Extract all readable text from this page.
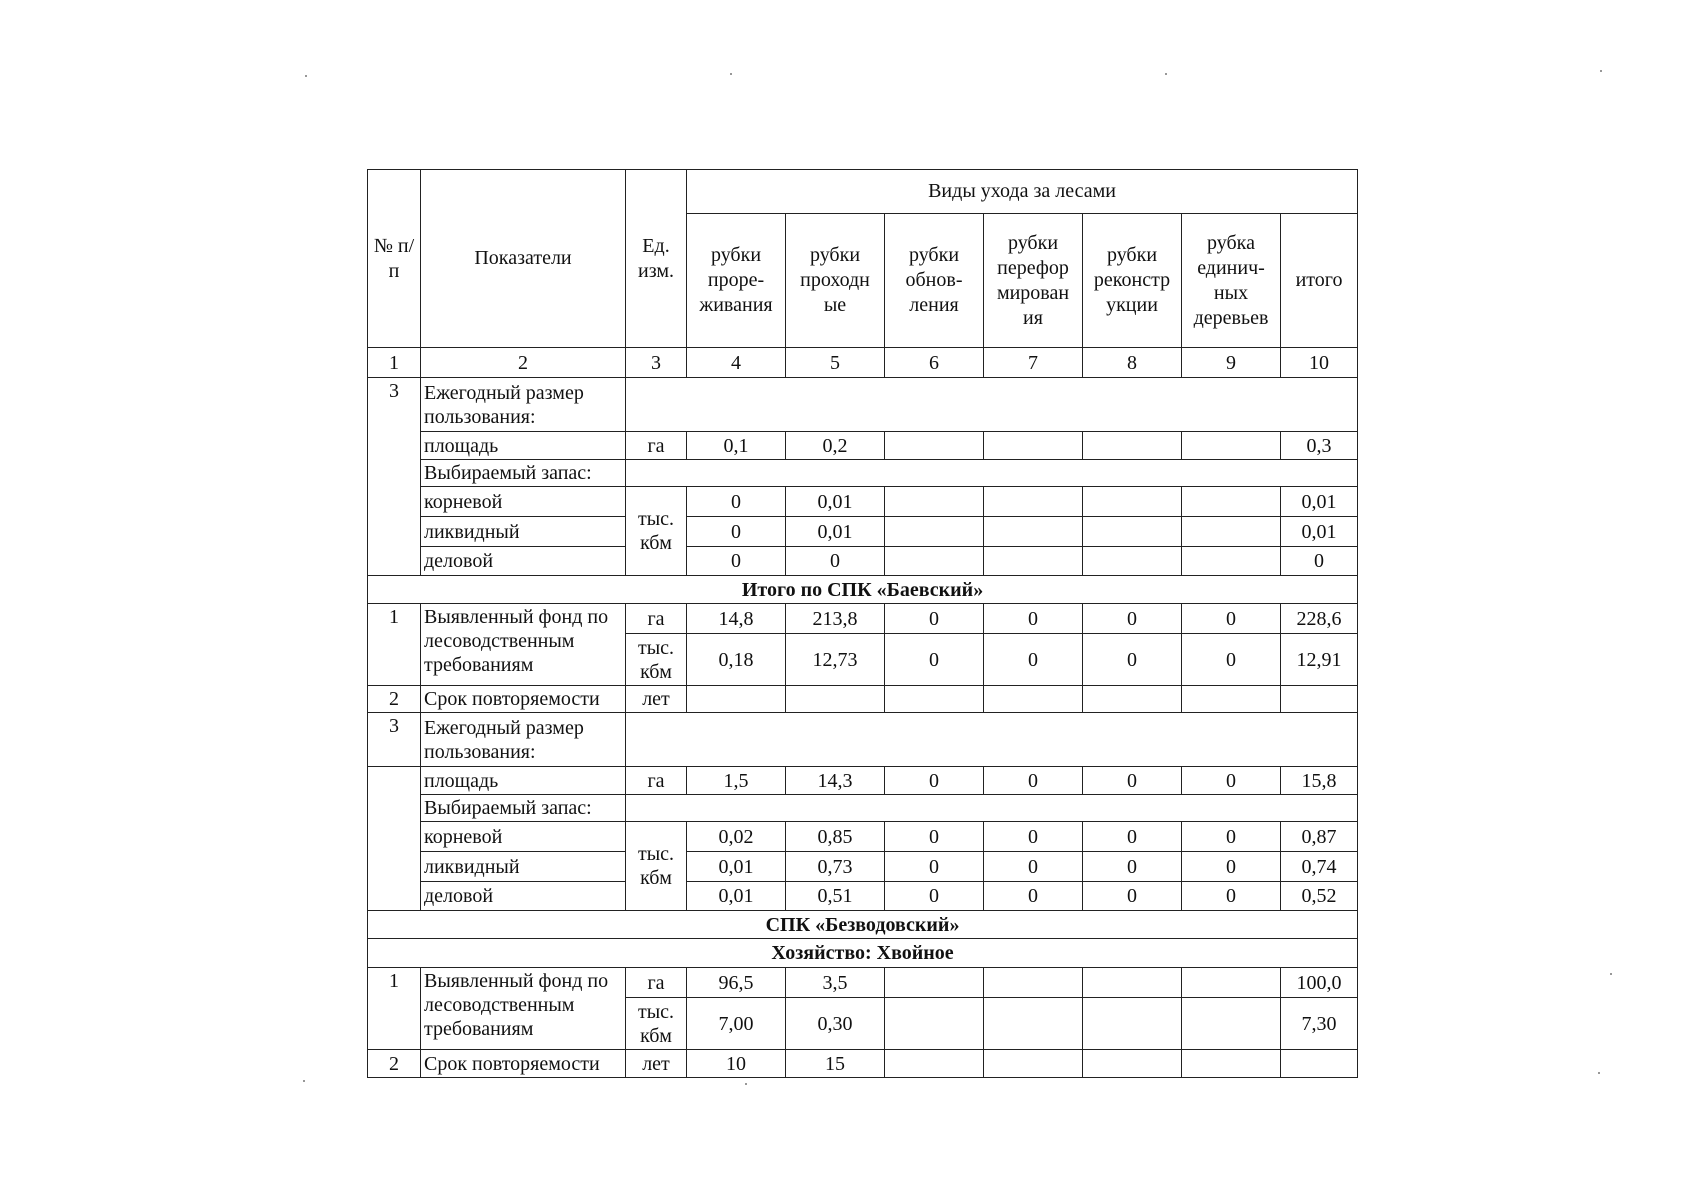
№ п/п	Показатели	Ед. изм.	Виды ухода за лесами						
			рубки проре-живания	рубки проходн ые	рубки обнов-ления	рубки перефор мирован ия	рубки реконстр укции	рубка единич-ных деревьев	итого
1	2	3	4	5	6	7	8	9	10
3	Ежегодный размер пользования:								
	площадь	га	0,1	0,2					0,3
	Выбираемый запас:								
	корневой	тыс. кбм	0	0,01					0,01
	ликвидный		0	0,01					0,01
	деловой		0	0					0
Итого по СПК «Баевский»									
1	Выявленный фонд по лесоводственным требованиям	га	14,8	213,8	0	0	0	0	228,6
		тыс. кбм	0,18	12,73	0	0	0	0	12,91
2	Срок повторяемости	лет							
3	Ежегодный размер пользования:								
	площадь	га	1,5	14,3	0	0	0	0	15,8
	Выбираемый запас:								
	корневой	тыс. кбм	0,02	0,85	0	0	0	0	0,87
	ликвидный		0,01	0,73	0	0	0	0	0,74
	деловой		0,01	0,51	0	0	0	0	0,52
СПК «Безводовский»									
Хозяйство: Хвойное									
1	Выявленный фонд по лесоводственным требованиям	га	96,5	3,5					100,0
		тыс. кбм	7,00	0,30					7,30
2	Срок повторяемости	лет	10	15					
